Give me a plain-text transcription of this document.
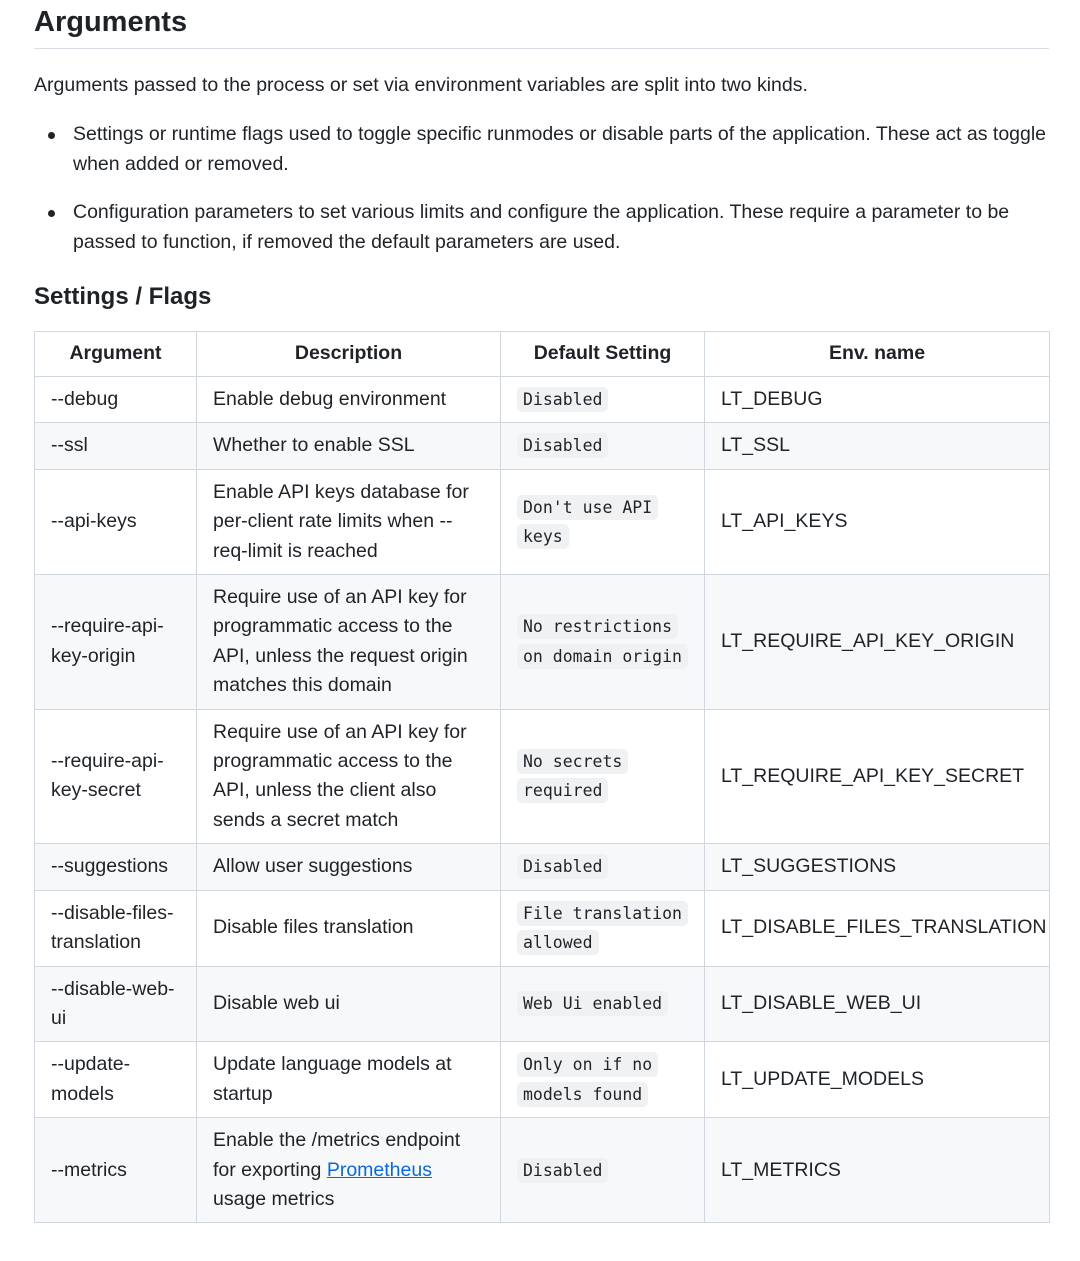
Arguments

Arguments passed to the process or set via environment variables are split into two kinds.

Settings or runtime flags used to toggle specific runmodes or disable parts of the application. These act as toggle when added or removed.
Configuration parameters to set various limits and configure the application. These require a parameter to be passed to function, if removed the default parameters are used.
Settings / Flags
Argument	Description	Default Setting	Env. name
--debug	Enable debug environment	Disabled	LT_DEBUG
--ssl	Whether to enable SSL	Disabled	LT_SSL
--api-keys	Enable API keys database for per-client rate limits when --req-limit is reached	Don't use API keys	LT_API_KEYS
--require-api-key-origin	Require use of an API key for programmatic access to the API, unless the request origin matches this domain	No restrictions on domain origin	LT_REQUIRE_API_KEY_ORIGIN
--require-api-key-secret	Require use of an API key for programmatic access to the API, unless the client also sends a secret match	No secrets required	LT_REQUIRE_API_KEY_SECRET
--suggestions	Allow user suggestions	Disabled	LT_SUGGESTIONS
--disable-files-translation	Disable files translation	File translation allowed	LT_DISABLE_FILES_TRANSLATION
--disable-web-ui	Disable web ui	Web Ui enabled	LT_DISABLE_WEB_UI
--update-models	Update language models at startup	Only on if no models found	LT_UPDATE_MODELS
--metrics	Enable the /metrics endpoint for exporting Prometheus usage metrics	Disabled	LT_METRICS
